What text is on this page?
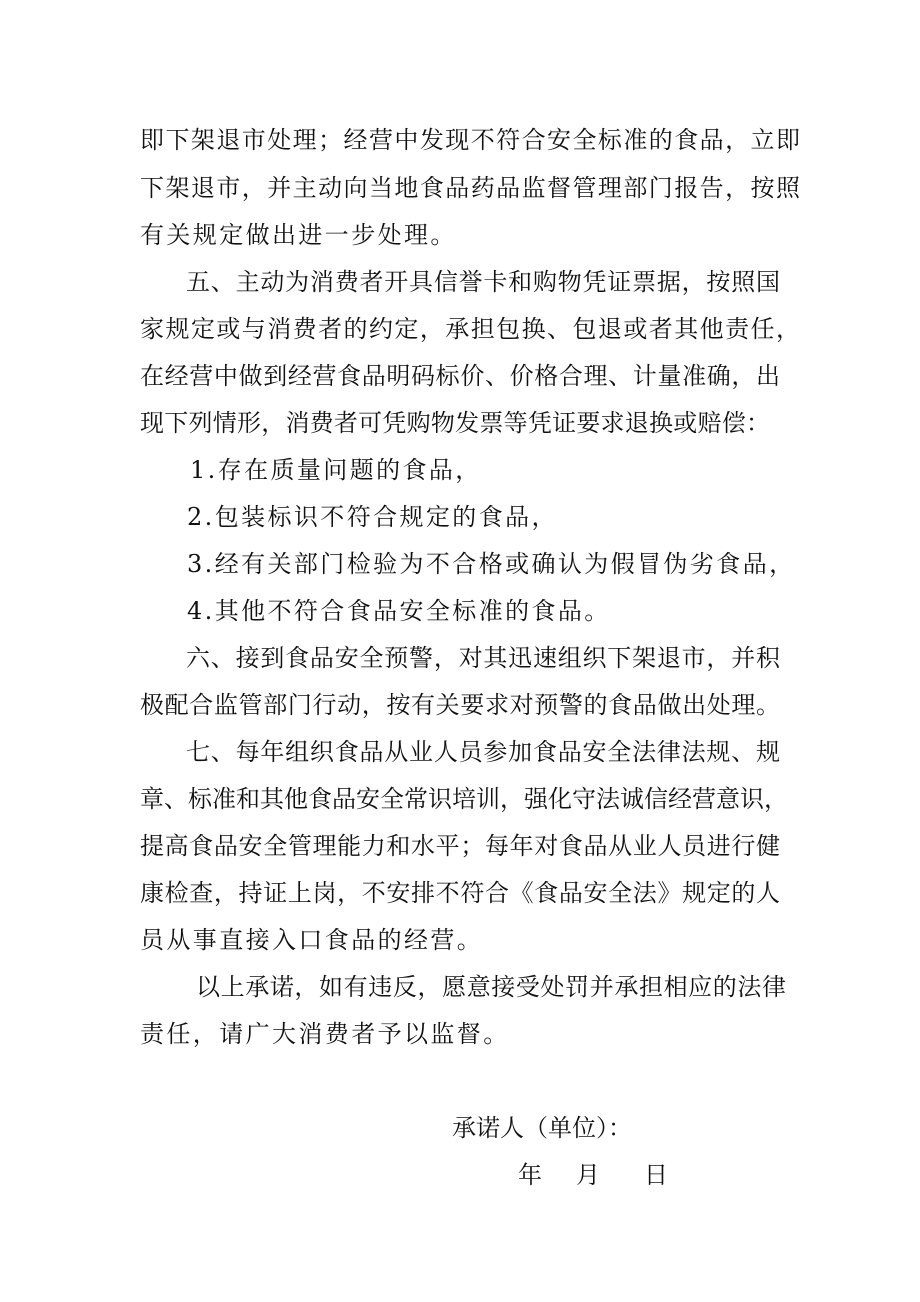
即下架退市处理；经营中发现不符合安全标准的食品，立即
下架退市，并主动向当地食品药品监督管理部门报告，按照
有关规定做出进一步处理。
五、主动为消费者开具信誉卡和购物凭证票据，按照国
家规定或与消费者的约定，承担包换、包退或者其他责任，
在经营中做到经营食品明码标价、价格合理、计量准确，出
现下列情形，消费者可凭购物发票等凭证要求退换或赔偿：
1.存在质量问题的食品，
2.包装标识不符合规定的食品，
3.经有关部门检验为不合格或确认为假冒伪劣食品，
4.其他不符合食品安全标准的食品。
六、接到食品安全预警，对其迅速组织下架退市，并积
极配合监管部门行动，按有关要求对预警的食品做出处理。
七、每年组织食品从业人员参加食品安全法律法规、规
章、标准和其他食品安全常识培训，强化守法诚信经营意识，
提高食品安全管理能力和水平；每年对食品从业人员进行健
康检查，持证上岗，不安排不符合《食品安全法》规定的人
员从事直接入口食品的经营。
以上承诺，如有违反，愿意接受处罚并承担相应的法律
责任，请广大消费者予以监督。
承诺人（单位）：
年 月 日
